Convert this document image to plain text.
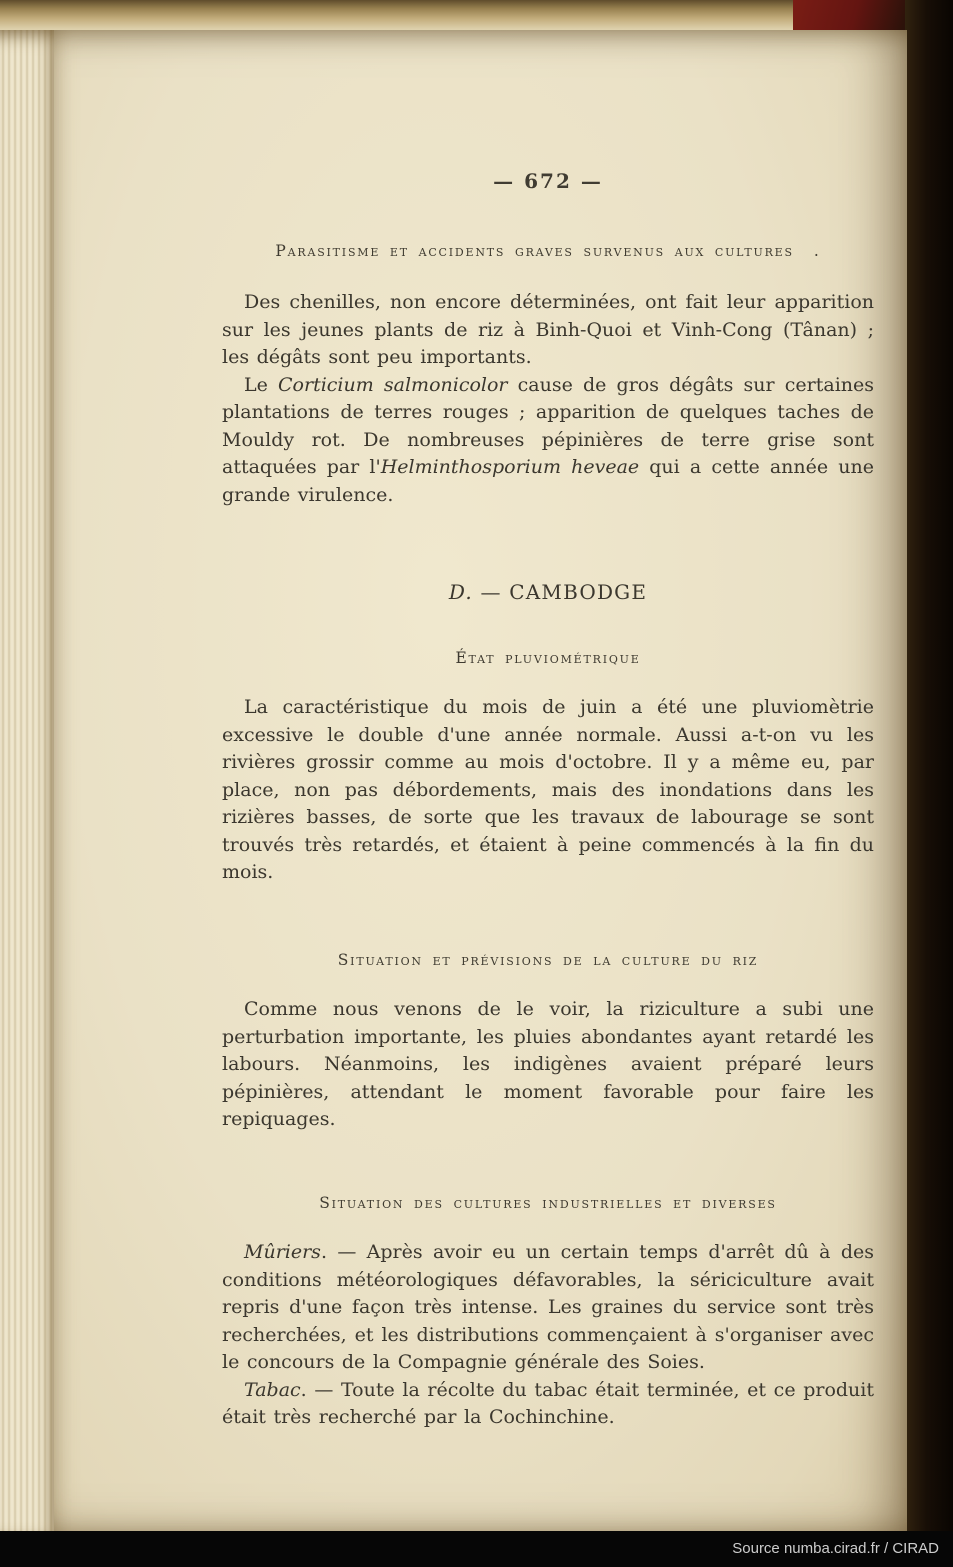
— 672 —
Parasitisme et accidents graves survenus aux cultures .

Des chenilles, non encore déterminées, ont fait leur apparition sur les jeunes plants de riz à Binh-Quoi et Vinh-Cong (Tânan) ; les dégâts sont peu importants.

Le Corticium salmonicolor cause de gros dégâts sur certaines plantations de terres rouges ; apparition de quelques taches de Mouldy rot. De nombreuses pépinières de terre grise sont attaquées par l'Helminthosporium heveae qui a cette année une grande virulence.

D. — CAMBODGE
État pluviométrique

La caractéristique du mois de juin a été une pluviomètrie excessive le double d'une année normale. Aussi a-t-on vu les rivières grossir comme au mois d'octobre. Il y a même eu, par place, non pas débordements, mais des inondations dans les rizières basses, de sorte que les travaux de labourage se sont trouvés très retardés, et étaient à peine commencés à la fin du mois.

Situation et prévisions de la culture du riz

Comme nous venons de le voir, la riziculture a subi une perturbation importante, les pluies abondantes ayant retardé les labours. Néanmoins, les indigènes avaient préparé leurs pépinières, attendant le moment favorable pour faire les repiquages.

Situation des cultures industrielles et diverses

Mûriers. — Après avoir eu un certain temps d'arrêt dû à des conditions météorologiques défavorables, la sériciculture avait repris d'une façon très intense. Les graines du service sont très recherchées, et les distributions commençaient à s'organiser avec le concours de la Compagnie générale des Soies.

Tabac. — Toute la récolte du tabac était terminée, et ce produit était très recherché par la Cochinchine.

Source numba.cirad.fr / CIRAD
